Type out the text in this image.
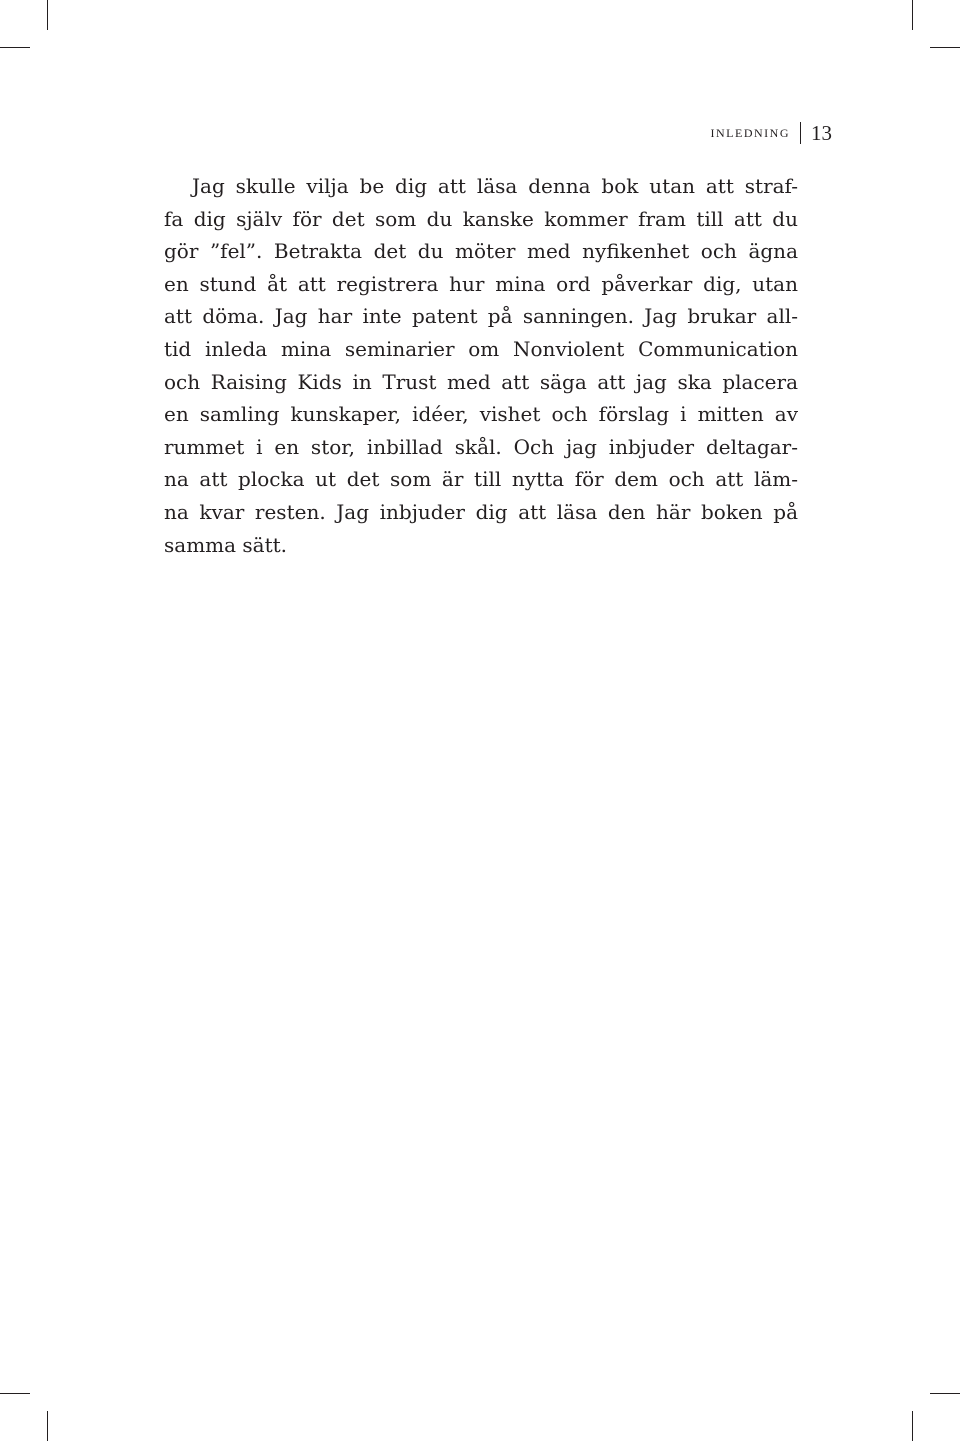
INLEDNING 13
Jag skulle vilja be dig att läsa denna bok utan att straf-
fa dig själv för det som du kanske kommer fram till att du
gör ”fel”. Betrakta det du möter med nyfikenhet och ägna
en stund åt att registrera hur mina ord påverkar dig, utan
att döma. Jag har inte patent på sanningen. Jag brukar all-
tid inleda mina seminarier om Nonviolent Communication
och Raising Kids in Trust med att säga att jag ska placera
en samling kunskaper, idéer, vishet och förslag i mitten av
rummet i en stor, inbillad skål. Och jag inbjuder deltagar-
na att plocka ut det som är till nytta för dem och att läm-
na kvar resten. Jag inbjuder dig att läsa den här boken på
samma sätt.
